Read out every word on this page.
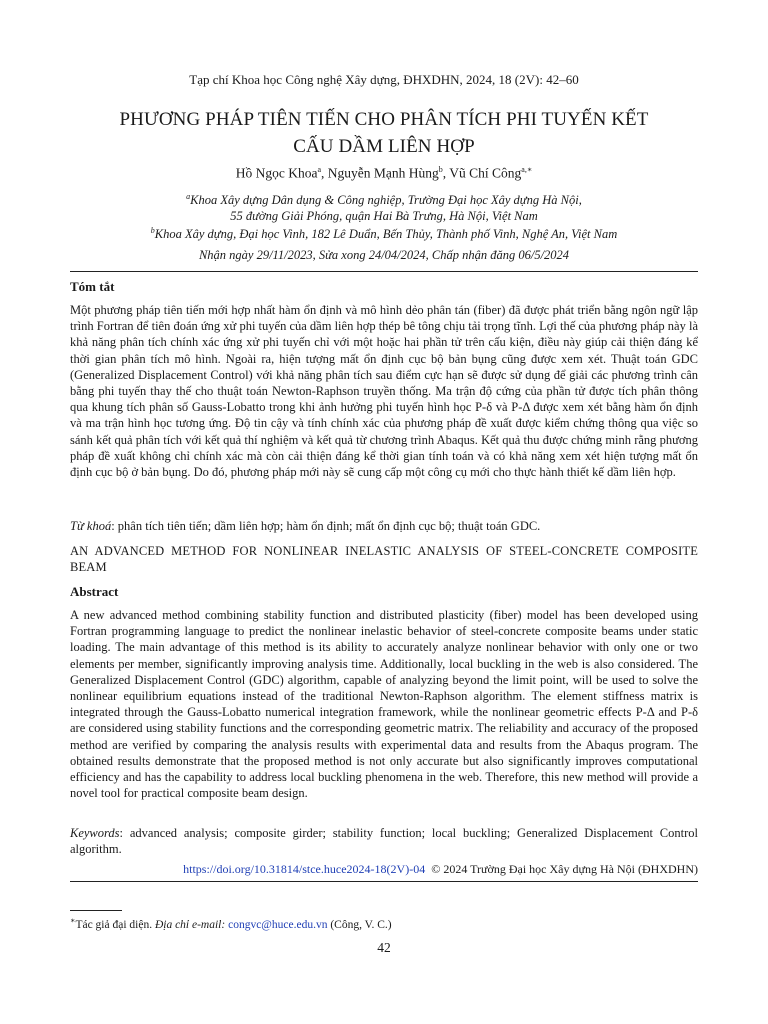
Tạp chí Khoa học Công nghệ Xây dựng, ĐHXDHN, 2024, 18 (2V): 42–60
PHƯƠNG PHÁP TIÊN TIẾN CHO PHÂN TÍCH PHI TUYẾN KẾT
CẤU DẦM LIÊN HỢP
Hồ Ngọc Khoa$^a$, Nguyễn Mạnh Hùng$^b$, Vũ Chí Công$^{a,∗}$
$^a$Khoa Xây dựng Dân dụng & Công nghiệp, Trường Đại học Xây dựng Hà Nội,
55 đường Giải Phóng, quận Hai Bà Trưng, Hà Nội, Việt Nam
$^b$Khoa Xây dựng, Đại học Vinh, 182 Lê Duẩn, Bến Thủy, Thành phố Vinh, Nghệ An, Việt Nam
Nhận ngày 29/11/2023, Sửa xong 24/04/2024, Chấp nhận đăng 06/5/2024
Tóm tắt
Một phương pháp tiên tiến mới hợp nhất hàm ổn định và mô hình dẻo phân tán (fiber) đã được phát triển bằng ngôn ngữ lập trình Fortran để tiên đoán ứng xử phi tuyến của dầm liên hợp thép bê tông chịu tải trọng tĩnh. Lợi thế của phương pháp này là khả năng phân tích chính xác ứng xử phi tuyến chỉ với một hoặc hai phần tử trên cấu kiện, điều này giúp cải thiện đáng kể thời gian phân tích mô hình. Ngoài ra, hiện tượng mất ổn định cục bộ bản bụng cũng được xem xét. Thuật toán GDC (Generalized Displacement Control) với khả năng phân tích sau điểm cực hạn sẽ được sử dụng để giải các phương trình cân bằng phi tuyến thay thế cho thuật toán Newton-Raphson truyền thống. Ma trận độ cứng của phần tử được tích phân thông qua khung tích phân số Gauss-Lobatto trong khi ảnh hưởng phi tuyến hình học P-δ và P-Δ được xem xét bằng hàm ổn định và ma trận hình học tương ứng. Độ tin cậy và tính chính xác của phương pháp đề xuất được kiểm chứng thông qua việc so sánh kết quả phân tích với kết quả thí nghiệm và kết quả từ chương trình Abaqus. Kết quả thu được chứng minh rằng phương pháp đề xuất không chỉ chính xác mà còn cải thiện đáng kể thời gian tính toán và có khả năng xem xét hiện tượng mất ổn định cục bộ ở bản bụng. Do đó, phương pháp mới này sẽ cung cấp một công cụ mới cho thực hành thiết kế dầm liên hợp.
Từ khoá: phân tích tiên tiến; dầm liên hợp; hàm ổn định; mất ổn định cục bộ; thuật toán GDC.
AN ADVANCED METHOD FOR NONLINEAR INELASTIC ANALYSIS OF STEEL-CONCRETE COMPOSITE BEAM
Abstract
A new advanced method combining stability function and distributed plasticity (fiber) model has been developed using Fortran programming language to predict the nonlinear inelastic behavior of steel-concrete composite beams under static loading. The main advantage of this method is its ability to accurately analyze nonlinear behavior with only one or two elements per member, significantly improving analysis time. Additionally, local buckling in the web is also considered. The Generalized Displacement Control (GDC) algorithm, capable of analyzing beyond the limit point, will be used to solve the nonlinear equilibrium equations instead of the traditional Newton-Raphson algorithm. The element stiffness matrix is integrated through the Gauss-Lobatto numerical integration framework, while the nonlinear geometric effects P-Δ and P-δ are considered using stability functions and the corresponding geometric matrix. The reliability and accuracy of the proposed method are verified by comparing the analysis results with experimental data and results from the Abaqus program. The obtained results demonstrate that the proposed method is not only accurate but also significantly improves computational efficiency and has the capability to address local buckling phenomena in the web. Therefore, this new method will provide a novel tool for practical composite beam design.
Keywords: advanced analysis; composite girder; stability function; local buckling; Generalized Displacement Control algorithm.
https://doi.org/10.31814/stce.huce2024-18(2V)-04 © 2024 Trường Đại học Xây dựng Hà Nội (ĐHXDHN)
∗Tác giả đại diện. Địa chỉ e-mail: congvc@huce.edu.vn (Công, V. C.)
42
